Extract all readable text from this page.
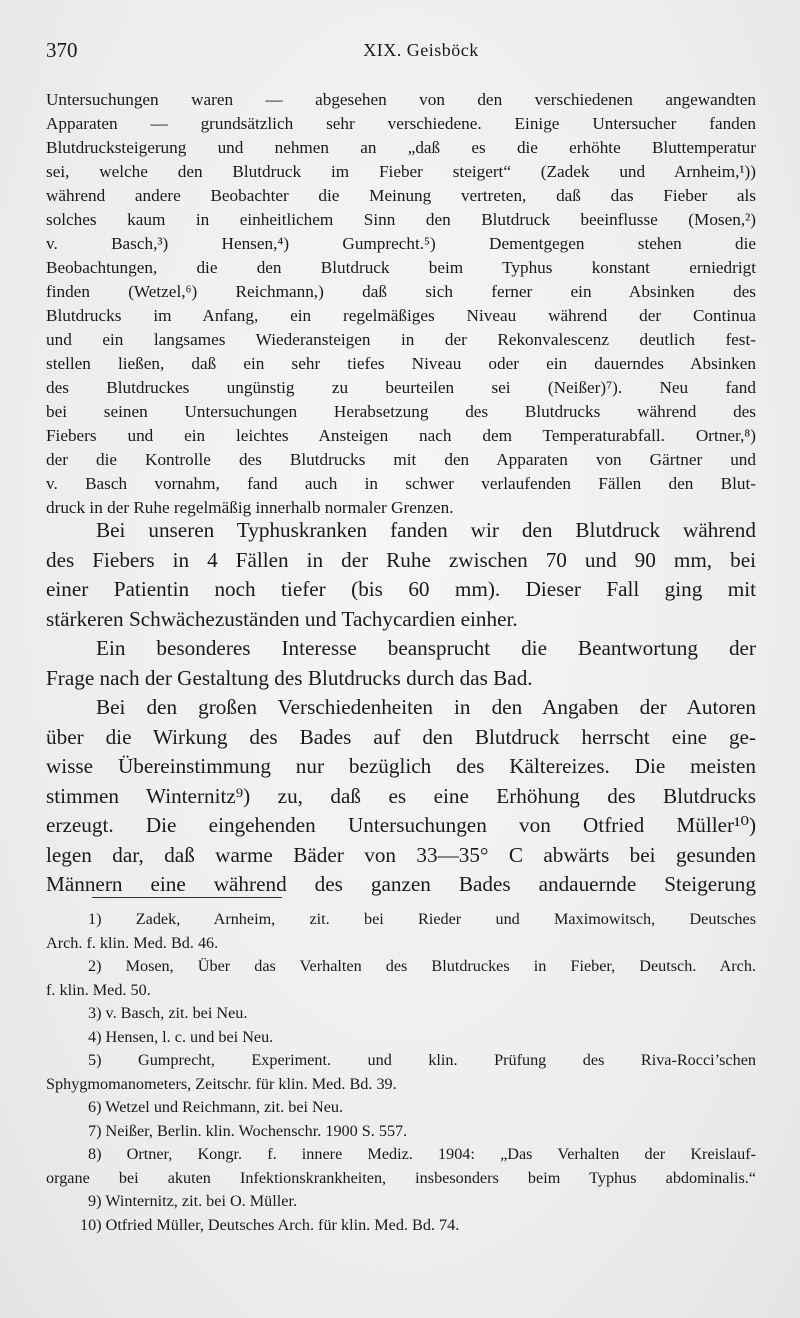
370	XIX. Geisböck
Untersuchungen waren — abgesehen von den verschiedenen angewandten
Apparaten — grundsätzlich sehr verschiedene. Einige Untersucher fanden
Blutdrucksteigerung und nehmen an „daß es die erhöhte Bluttemperatur
sei, welche den Blutdruck im Fieber steigert“ (Zadek und Arnheim,¹))
während andere Beobachter die Meinung vertreten, daß das Fieber als
solches kaum in einheitlichem Sinn den Blutdruck beeinflusse (Mosen,²)
v. Basch,³) Hensen,⁴) Gumprecht.⁵) Dementgegen stehen die
Beobachtungen, die den Blutdruck beim Typhus konstant erniedrigt
finden (Wetzel,⁶) Reichmann,) daß sich ferner ein Absinken des
Blutdrucks im Anfang, ein regelmäßiges Niveau während der Continua
und ein langsames Wiederansteigen in der Rekonvalescenz deutlich fest-
stellen ließen, daß ein sehr tiefes Niveau oder ein dauerndes Absinken
des Blutdruckes ungünstig zu beurteilen sei (Neißer)⁷). Neu fand
bei seinen Untersuchungen Herabsetzung des Blutdrucks während des
Fiebers und ein leichtes Ansteigen nach dem Temperaturabfall. Ortner,⁸)
der die Kontrolle des Blutdrucks mit den Apparaten von Gärtner und
v. Basch vornahm, fand auch in schwer verlaufenden Fällen den Blut-
druck in der Ruhe regelmäßig innerhalb normaler Grenzen.
Bei unseren Typhuskranken fanden wir den Blutdruck während
des Fiebers in 4 Fällen in der Ruhe zwischen 70 und 90 mm, bei
einer Patientin noch tiefer (bis 60 mm). Dieser Fall ging mit
stärkeren Schwächezuständen und Tachycardien einher.
Ein besonderes Interesse beansprucht die Beantwortung der
Frage nach der Gestaltung des Blutdrucks durch das Bad.
Bei den großen Verschiedenheiten in den Angaben der Autoren
über die Wirkung des Bades auf den Blutdruck herrscht eine ge-
wisse Übereinstimmung nur bezüglich des Kältereizes. Die meisten
stimmen Winternitz⁹) zu, daß es eine Erhöhung des Blutdrucks
erzeugt. Die eingehenden Untersuchungen von Otfried Müller¹⁰)
legen dar, daß warme Bäder von 33—35° C abwärts bei gesunden
Männern eine während des ganzen Bades andauernde Steigerung
1) Zadek, Arnheim, zit. bei Rieder und Maximowitsch, Deutsches
Arch. f. klin. Med. Bd. 46.
2) Mosen, Über das Verhalten des Blutdruckes in Fieber, Deutsch. Arch.
f. klin. Med. 50.
3) v. Basch, zit. bei Neu.
4) Hensen, l. c. und bei Neu.
5) Gumprecht, Experiment. und klin. Prüfung des Riva-Rocci’schen
Sphygmomanometers, Zeitschr. für klin. Med. Bd. 39.
6) Wetzel und Reichmann, zit. bei Neu.
7) Neißer, Berlin. klin. Wochenschr. 1900 S. 557.
8) Ortner, Kongr. f. innere Mediz. 1904: „Das Verhalten der Kreislauf-
organe bei akuten Infektionskrankheiten, insbesonders beim Typhus abdominalis.“
9) Winternitz, zit. bei O. Müller.
10) Otfried Müller, Deutsches Arch. für klin. Med. Bd. 74.
